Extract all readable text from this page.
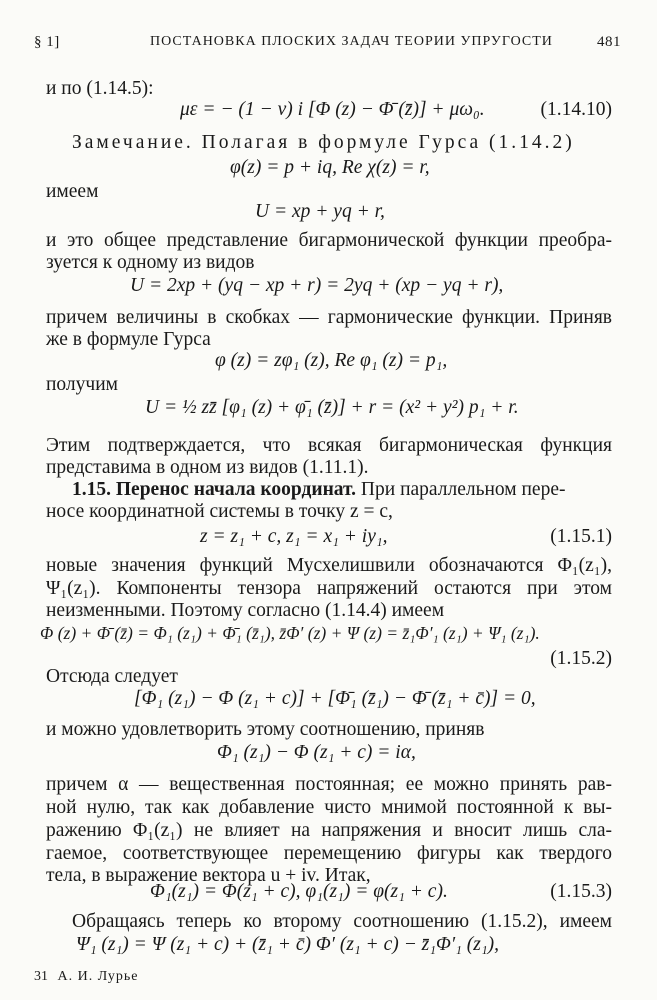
§ 1]	ПОСТАНОВКА ПЛОСКИХ ЗАДАЧ ТЕОРИИ УПРУГОСТИ	481
и по (1.14.5):
με = − (1 − ν) i [Φ (z) − Φ̄ (z̄)] + μω₀.	(1.14.10)
Замечание. Полагая в формуле Гурса (1.14.2)
φ(z) = p + iq, Re χ(z) = r,
имеем
U = xp + yq + r,
и это общее представление бигармонической функции преобра-
зуется к одному из видов
U = 2xp + (yq − xp + r) = 2yq + (xp − yq + r),
причем величины в скобках — гармонические функции. Приняв
же в формуле Гурса
φ (z) = zφ₁ (z), Re φ₁ (z) = p₁,
получим
U = ½ zz̄ [φ₁ (z) + φ̄₁ (z̄)] + r = (x² + y²) p₁ + r.
Этим подтверждается, что всякая бигармоническая функция
представима в одном из видов (1.11.1).
1.15. Перенос начала координат. При параллельном пере-
носе координатной системы в точку z = c,
z = z₁ + c, z₁ = x₁ + iy₁,	(1.15.1)
новые значения функций Мусхелишвили обозначаются Φ₁(z₁),
Ψ₁(z₁). Компоненты тензора напряжений остаются при этом
неизменными. Поэтому согласно (1.14.4) имеем
Φ (z) + Φ̄ (z̄) = Φ₁ (z₁) + Φ̄₁ (z̄₁), z̄Φ′ (z) + Ψ (z) = z̄₁Φ′₁ (z₁) + Ψ₁ (z₁).
(1.15.2)
Отсюда следует
[Φ₁ (z₁) − Φ (z₁ + c)] + [Φ̄₁ (z̄₁) − Φ̄ (z̄₁ + c̄)] = 0,
и можно удовлетворить этому соотношению, приняв
Φ₁ (z₁) − Φ (z₁ + c) = iα,
причем α — вещественная постоянная; ее можно принять рав-
ной нулю, так как добавление чисто мнимой постоянной к вы-
ражению Φ₁(z₁) не влияет на напряжения и вносит лишь сла-
гаемое, соответствующее перемещению фигуры как твердого
тела, в выражение вектора u + iv. Итак,
Φ₁(z₁) = Φ(z₁ + c), φ₁(z₁) = φ(z₁ + c).	(1.15.3)
Обращаясь теперь ко второму соотношению (1.15.2), имеем
Ψ₁ (z₁) = Ψ (z₁ + c) + (z̄₁ + c̄) Φ′ (z₁ + c) − z̄₁Φ′₁ (z₁),
31 А. И. Лурье
